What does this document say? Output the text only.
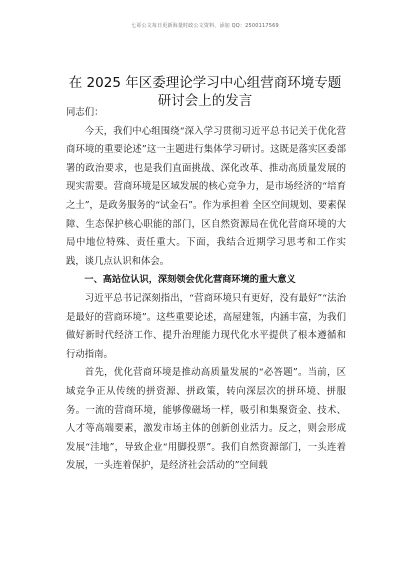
七哥公文每日更新海量时政公文资料，添加 QQ：2500117569
在 2025 年区委理论学习中心组营商环境专题
研讨会上的发言

同志们：

今天，我们中心组围绕“深入学习贯彻习近平总书记关于优化营商环境的重要论述”这一主题进行集体学习研讨。这既是落实区委部署的政治要求，也是我们直面挑战、深化改革、推动高质量发展的现实需要。营商环境是区域发展的核心竞争力，是市场经济的“培育之土”，是政务服务的“试金石”。作为承担着 全区空间规划、要素保障、生态保护核心职能的部门，区自然资源局在优化营商环境的大局中地位特殊、责任重大。下面，我结合近期学习思考和工作实践，谈几点认识和体会。

一、高站位认识，深刻领会优化营商环境的重大意义

习近平总书记深刻指出，“营商环境只有更好，没有最好”“法治是最好的营商环境”。这些重要论述，高屋建瓴，内涵丰富，为我们做好新时代经济工作、提升治理能力现代化水平提供了根本遵循和行动指南。

首先，优化营商环境是推动高质量发展的“必答题”。当前，区域竞争正从传统的拼资源、拼政策，转向深层次的拼环境、拼服务。一流的营商环境，能够像磁场一样，吸引和集聚资金、技术、人才等高端要素，激发市场主体的创新创业活力。反之，则会形成发展“洼地”，导致企业“用脚投票”。我们自然资源部门，一头连着发展，一头连着保护，是经济社会活动的”空间载
